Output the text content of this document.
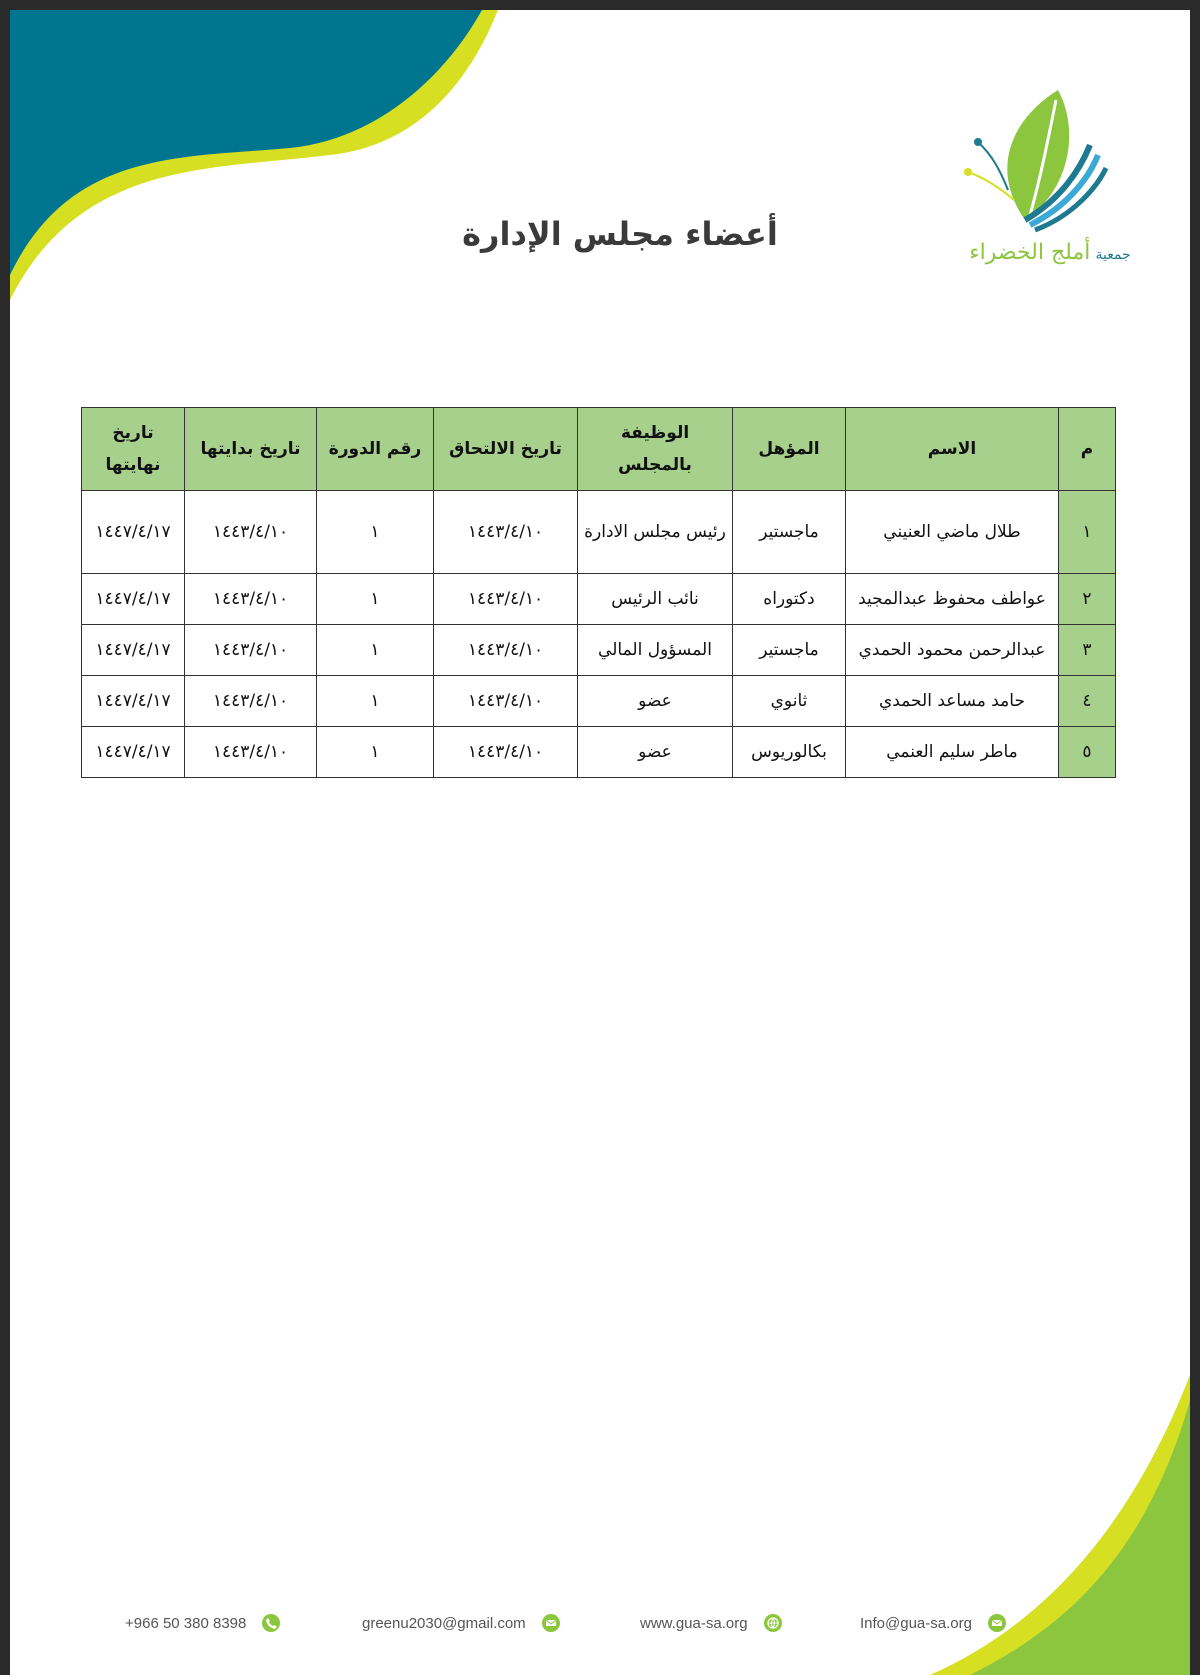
جمعية أملج الخضراء
أعضاء مجلس الإدارة
م	الاسم	المؤهل	الوظيفة بالمجلس	تاريخ الالتحاق	رقم الدورة	تاريخ بدايتها	تاريخ نهايتها
١	طلال ماضي العنيني	ماجستير	رئيس مجلس الادارة	١٤٤٣/٤/١٠	١	١٤٤٣/٤/١٠	١٤٤٧/٤/١٧
٢	عواطف محفوظ عبدالمجيد	دكتوراه	نائب الرئيس	١٤٤٣/٤/١٠	١	١٤٤٣/٤/١٠	١٤٤٧/٤/١٧
٣	عبدالرحمن محمود الحمدي	ماجستير	المسؤول المالي	١٤٤٣/٤/١٠	١	١٤٤٣/٤/١٠	١٤٤٧/٤/١٧
٤	حامد مساعد الحمدي	ثانوي	عضو	١٤٤٣/٤/١٠	١	١٤٤٣/٤/١٠	١٤٤٧/٤/١٧
٥	ماطر سليم العنمي	بكالوريوس	عضو	١٤٤٣/٤/١٠	١	١٤٤٣/٤/١٠	١٤٤٧/٤/١٧
+966 50 380 8398	greenu2030@gmail.com	www.gua-sa.org	Info@gua-sa.org
